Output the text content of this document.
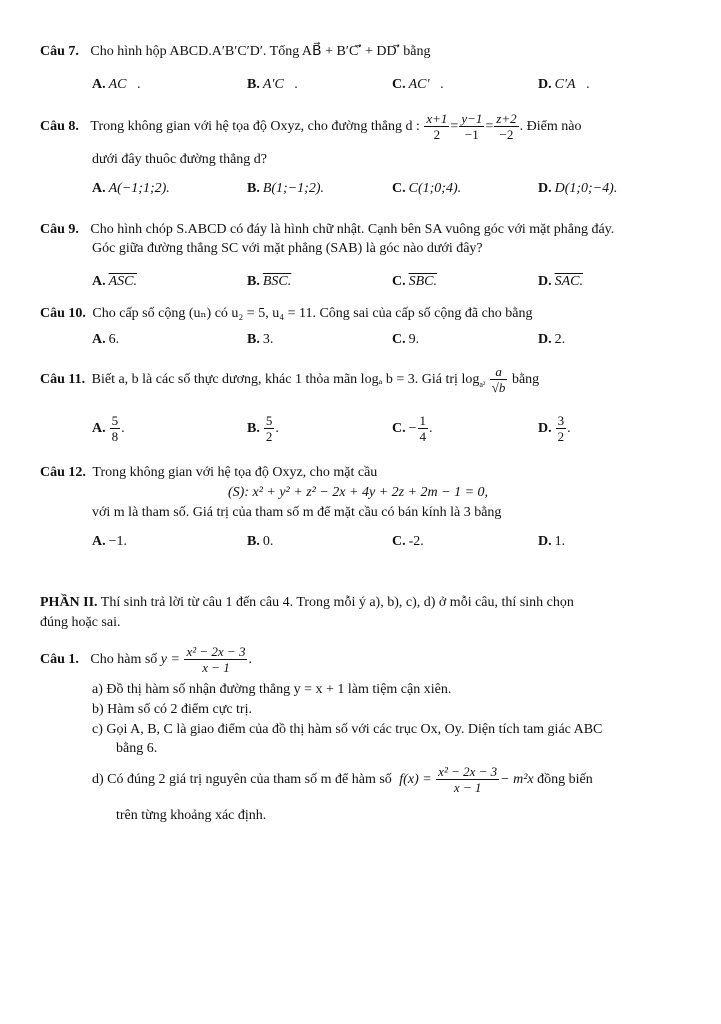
Câu 7. Cho hình hộp ABCD.A′B′C′D′. Tổng AB⃗ + B′C′⃗ + DD′⃗ bằng
A. AC⃗.	B. A′C⃗.	C. AC′⃗.	D. C′A⃗.
Câu 8. Trong không gian với hệ tọa độ Oxyz, cho đường thẳng d : $\frac{x+1}{2} = \frac{y-1}{-1} = \frac{z+2}{-2}$ . Điểm nào
dưới đây thuôc đường thẳng d?
A. A(−1;1;2).	B. B(1;−1;2).	C. C(1;0;4).	D. D(1;0;−4).
Câu 9. Cho hình chóp S.ABCD có đáy là hình chữ nhật. Cạnh bên SA vuông góc với mặt phẳng đáy.
Góc giữa đường thẳng SC với mặt phẳng (SAB) là góc nào dưới đây?
A. ASC.	B. BSC.	C. SBC.	D. SAC.
Câu 10. Cho cấp số cộng (uₙ) có u₂ = 5, u₄ = 11. Công sai của cấp số cộng đã cho bằng
A. 6.	B. 3.	C. 9.	D. 2.
Câu 11. Biết a, b là các số thực dương, khác 1 thỏa mãn logₐ b = 3. Giá trị $\log_{a^2} \frac{a}{√b}$ bằng
A. $\frac{5}{8}$ .	B. $\frac{5}{2}$ .	C. − $\frac{1}{4}$ .	D. $\frac{3}{2}$ .
Câu 12. Trong không gian với hệ tọa độ Oxyz, cho mặt cầu
(S): x² + y² + z² − 2x + 4y + 2z + 2m − 1 = 0,
với m là tham số. Giá trị của tham số m để mặt cầu có bán kính là 3 bằng
A. −1.	B. 0.	C. -2.	D. 1.
PHẦN II. Thí sinh trả lời từ câu 1 đến câu 4. Trong mỗi ý a), b), c), d) ở mỗi câu, thí sinh chọn
đúng hoặc sai.
Câu 1. Cho hàm số $y = \frac{\text{x² − 2x − 3}}{x - 1}$ .
a) Đồ thị hàm số nhận đường thẳng y = x + 1 làm tiệm cận xiên.
b) Hàm số có 2 điểm cực trị.
c) Gọi A, B, C là giao điểm của đồ thị hàm số với các trục Ox, Oy. Diện tích tam giác ABC
bằng 6.
d) Có đúng 2 giá trị nguyên của tham số m để hàm số $f(x) = \frac{\text{x² − 2x − 3}}{x - 1} - m^2x$ đồng biến
trên từng khoảng xác định.
